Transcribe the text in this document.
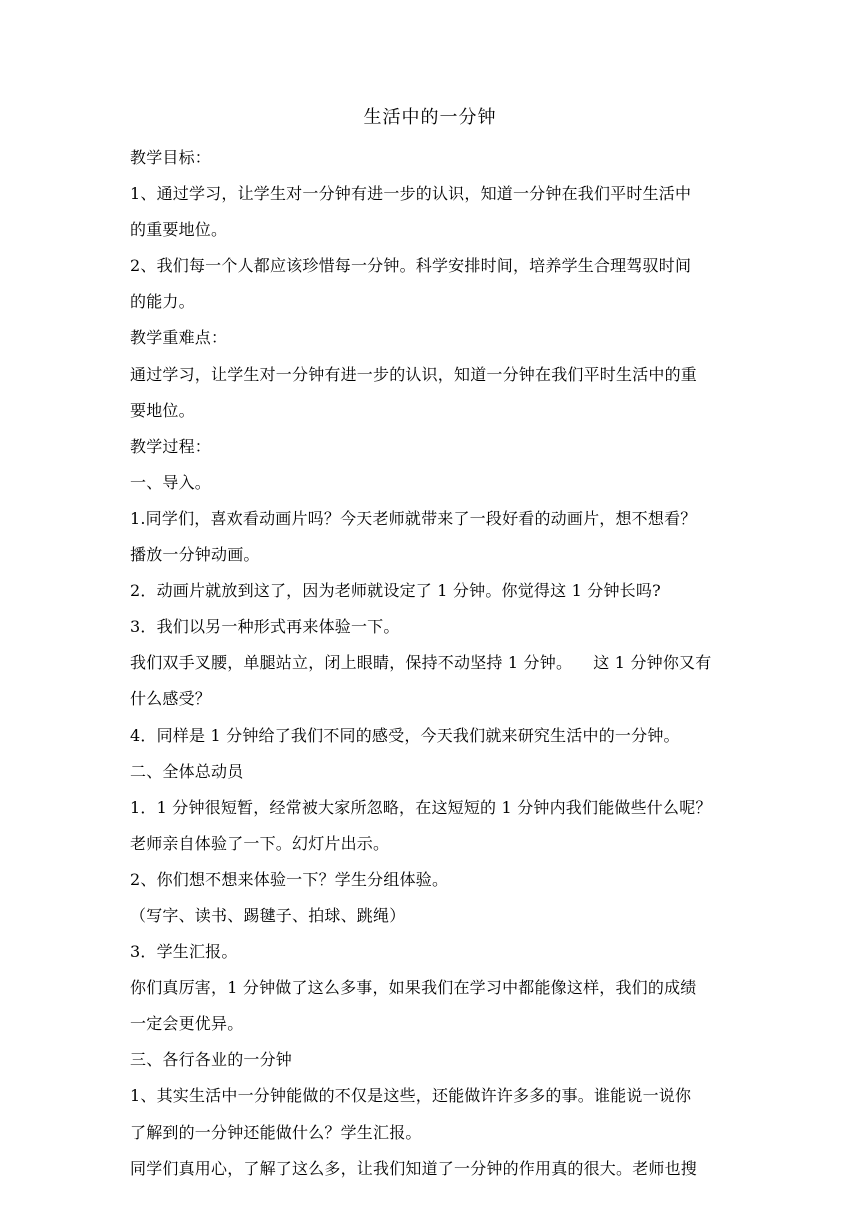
生活中的一分钟
教学目标：
1、通过学习，让学生对一分钟有进一步的认识，知道一分钟在我们平时生活中
的重要地位。
2、我们每一个人都应该珍惜每一分钟。科学安排时间，培养学生合理驾驭时间
的能力。
教学重难点：
通过学习，让学生对一分钟有进一步的认识，知道一分钟在我们平时生活中的重
要地位。
教学过程：
一、导入。
1.同学们，喜欢看动画片吗？今天老师就带来了一段好看的动画片，想不想看？
播放一分钟动画。
2．动画片就放到这了，因为老师就设定了 1 分钟。你觉得这 1 分钟长吗?
3．我们以另一种形式再来体验一下。
我们双手叉腰，单腿站立，闭上眼睛，保持不动坚持 1 分钟。    这 1 分钟你又有
什么感受？
4．同样是 1 分钟给了我们不同的感受，今天我们就来研究生活中的一分钟。
二、全体总动员
1．1 分钟很短暂，经常被大家所忽略，在这短短的 1 分钟内我们能做些什么呢？
老师亲自体验了一下。幻灯片出示。
2、你们想不想来体验一下？学生分组体验。
（写字、读书、踢毽子、拍球、跳绳）
3．学生汇报。
你们真厉害，1 分钟做了这么多事，如果我们在学习中都能像这样，我们的成绩
一定会更优异。
三、各行各业的一分钟
1、其实生活中一分钟能做的不仅是这些，还能做许许多多的事。谁能说一说你
了解到的一分钟还能做什么？学生汇报。
同学们真用心，了解了这么多，让我们知道了一分钟的作用真的很大。老师也搜
